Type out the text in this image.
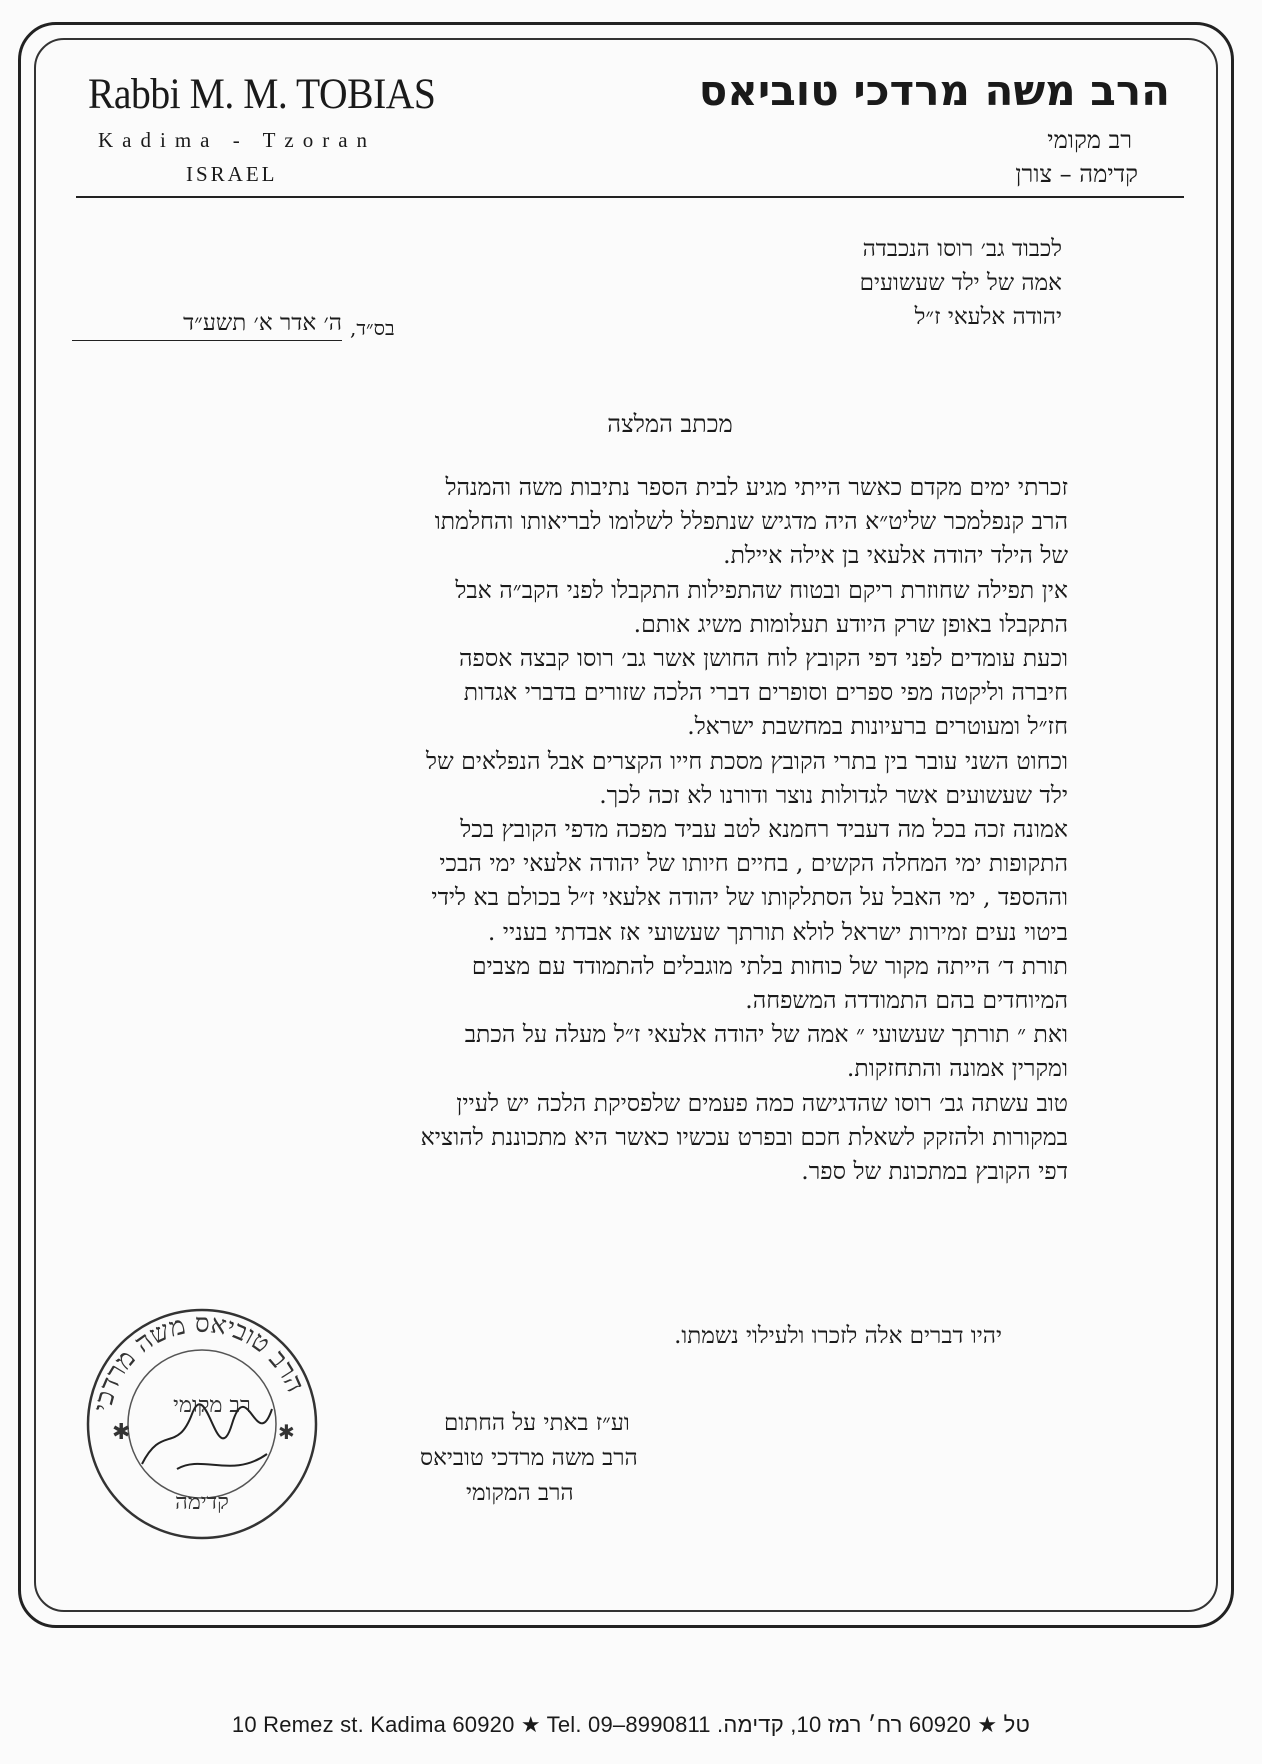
Rabbi M. M. TOBIAS
Kadima - Tzoran
ISRAEL
הרב משה מרדכי טוביאס
רב מקומי
קדימה – צורן
לכבוד גב׳ רוסו הנכבדה
אמה של ילד שעשועים
יהודה אלעאי ז״ל
בס״ד,
ה׳ אדר א׳ תשע״ד
מכתב המלצה

זכרתי ימים מקדם כאשר הייתי מגיע לבית הספר נתיבות משה והמנהל

הרב קנפלמכר שליט״א היה מדגיש שנתפלל לשלומו לבריאותו והחלמתו

של הילד יהודה אלעאי בן אילה איילת.

אין תפילה שחוזרת ריקם ובטוח שהתפילות התקבלו לפני הקב״ה אבל

התקבלו באופן שרק היודע תעלומות משיג אותם.

וכעת עומדים לפני דפי הקובץ לוח החושן אשר גב׳ רוסו קבצה אספה

חיברה וליקטה מפי ספרים וסופרים דברי הלכה שזורים בדברי אגדות

חז״ל ומעוטרים ברעיונות במחשבת ישראל.

וכחוט השני עובר בין בתרי הקובץ מסכת חייו הקצרים אבל הנפלאים של

ילד שעשועים אשר לגדולות נוצר ודורנו לא זכה לכך.

אמונה זכה בכל מה דעביד רחמנא לטב עביד מפכה מדפי הקובץ בכל

התקופות ימי המחלה הקשים , בחיים חיותו של יהודה אלעאי ימי הבכי

וההספד , ימי האבל על הסתלקותו של יהודה אלעאי ז״ל בכולם בא לידי

ביטוי נעים זמירות ישראל לולא תורתך שעשועי אז אבדתי בעניי .

תורת ד׳ הייתה מקור של כוחות בלתי מוגבלים להתמודד עם מצבים

המיוחדים בהם התמודדה המשפחה.

ואת ״ תורתך שעשועי ״ אמה של יהודה אלעאי ז״ל מעלה על הכתב

ומקרין אמונה והתחזקות.

טוב עשתה גב׳ רוסו שהדגישה כמה פעמים שלפסיקת הלכה יש לעיין

במקורות ולהזקק לשאלת חכם ובפרט עכשיו כאשר היא מתכוננת להוציא

דפי הקובץ במתכונת של ספר.

יהיו דברים אלה לזכרו ולעילוי נשמתו.
וע״ז באתי על החתום
הרב משה מרדכי טוביאס
הרב המקומי
הרב טוביאס משה מרדכי
רב מקומי
קדימה
✱	✱
10 Remez st. Kadima 60920 ★ Tel. 09–8990811 .טל ★ 60920 רח׳ רמז 10, קדימה
